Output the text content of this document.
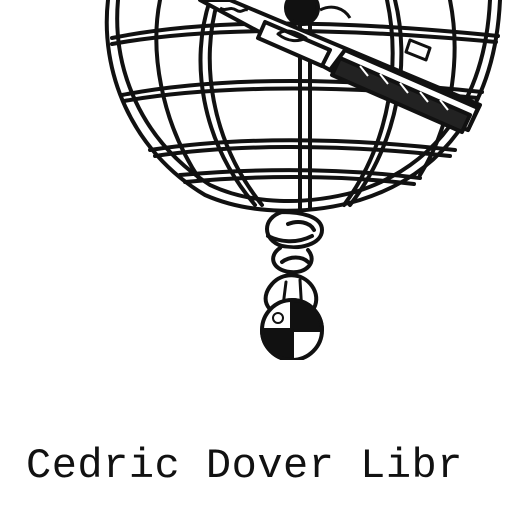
Cedric Dover Libr
